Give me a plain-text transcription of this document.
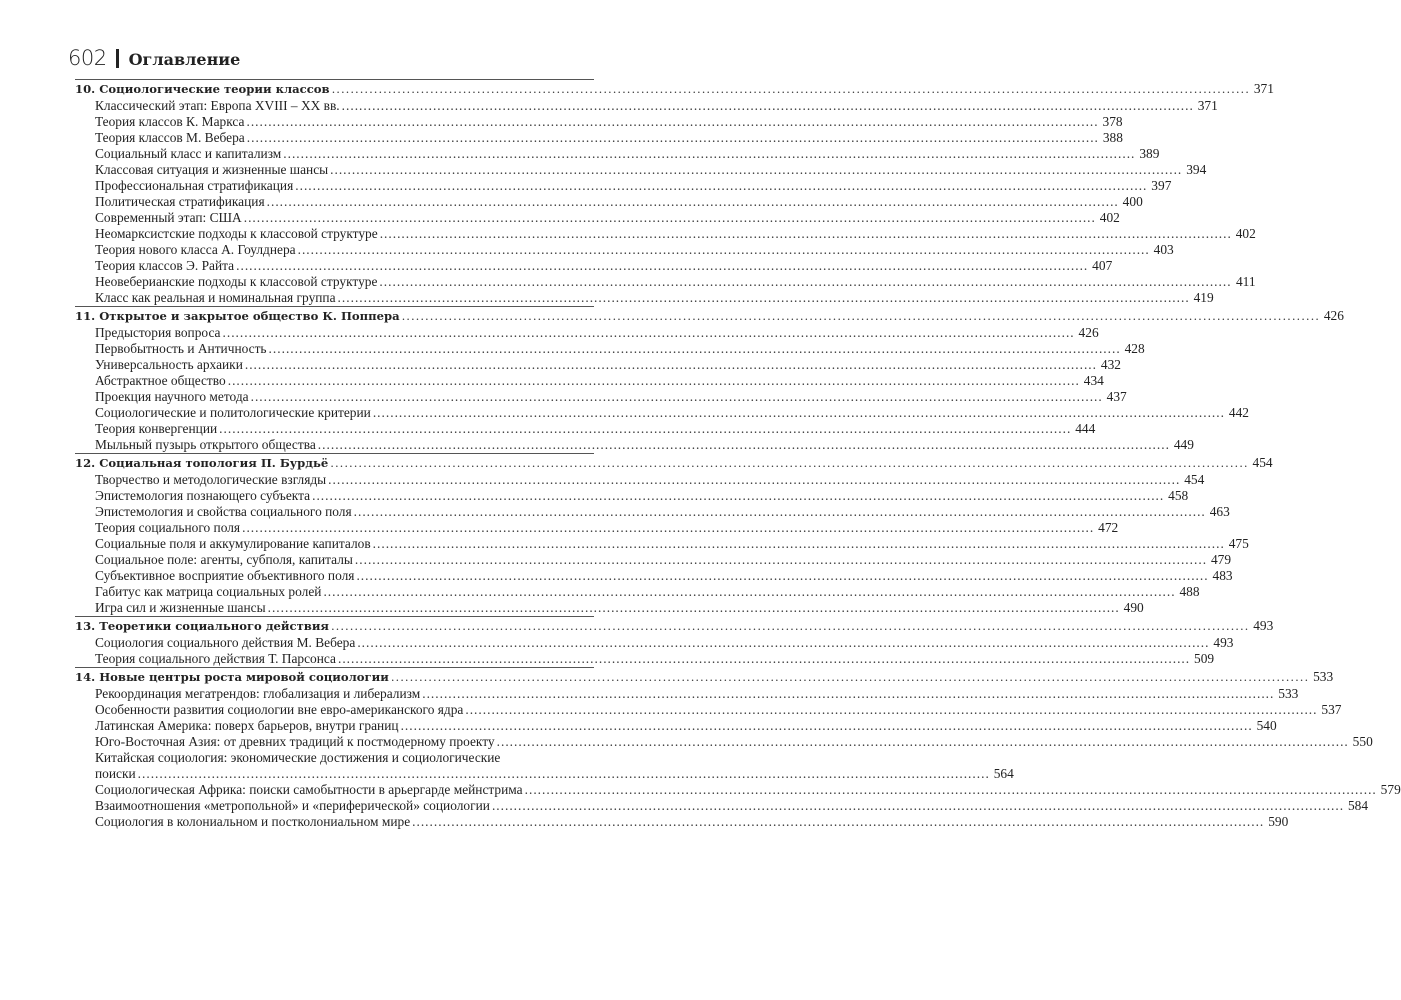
602 Оглавление
10. Социологические теории классов .....	371
Классический этап: Европа XVIII – XX вв. .....	371
Теория классов К. Маркса .....	378
Теория классов М. Вебера .....	388
Социальный класс и капитализм .....	389
Классовая ситуация и жизненные шансы .....	394
Профессиональная стратификация .....	397
Политическая стратификация .....	400
Современный этап: США .....	402
Неомарксистские подходы к классовой структуре .....	402
Теория нового класса А. Гоулднера .....	403
Теория классов Э. Райта .....	407
Неовеберианские подходы к классовой структуре .....	411
Класс как реальная и номинальная группа .....	419
11. Открытое и закрытое общество К. Поппера .....	426
Предыстория вопроса .....	426
Первобытность и Античность .....	428
Универсальность архаики .....	432
Абстрактное общество .....	434
Проекция научного метода .....	437
Социологические и политологические критерии .....	442
Теория конвергенции .....	444
Мыльный пузырь открытого общества .....	449
12. Социальная топология П. Бурдьё .....	454
Творчество и методологические взгляды .....	454
Эпистемология познающего субъекта .....	458
Эпистемология и свойства социального поля .....	463
Теория социального поля .....	472
Социальные поля и аккумулирование капиталов .....	475
Социальное поле: агенты, субполя, капиталы .....	479
Субъективное восприятие объективного поля .....	483
Габитус как матрица социальных ролей .....	488
Игра сил и жизненные шансы .....	490
13. Теоретики социального действия .....	493
Социология социального действия М. Вебера .....	493
Теория социального действия Т. Парсонса .....	509
14. Новые центры роста мировой социологии .....	533
Рекоординация мегатрендов: глобализация и либерализм .....	533
Особенности развития социологии вне евро-американского ядра .....	537
Латинская Америка: поверх барьеров, внутри границ .....	540
Юго-Восточная Азия: от древних традиций к постмодерному проекту .....	550
Китайская социология: экономические достижения и социологические
поиски .....	564
Социологическая Африка: поиски самобытности в арьергарде мейнстрима .....	579
Взаимоотношения «метропольной» и «периферической» социологии .....	584
Социология в колониальном и постколониальном мире .....	590
